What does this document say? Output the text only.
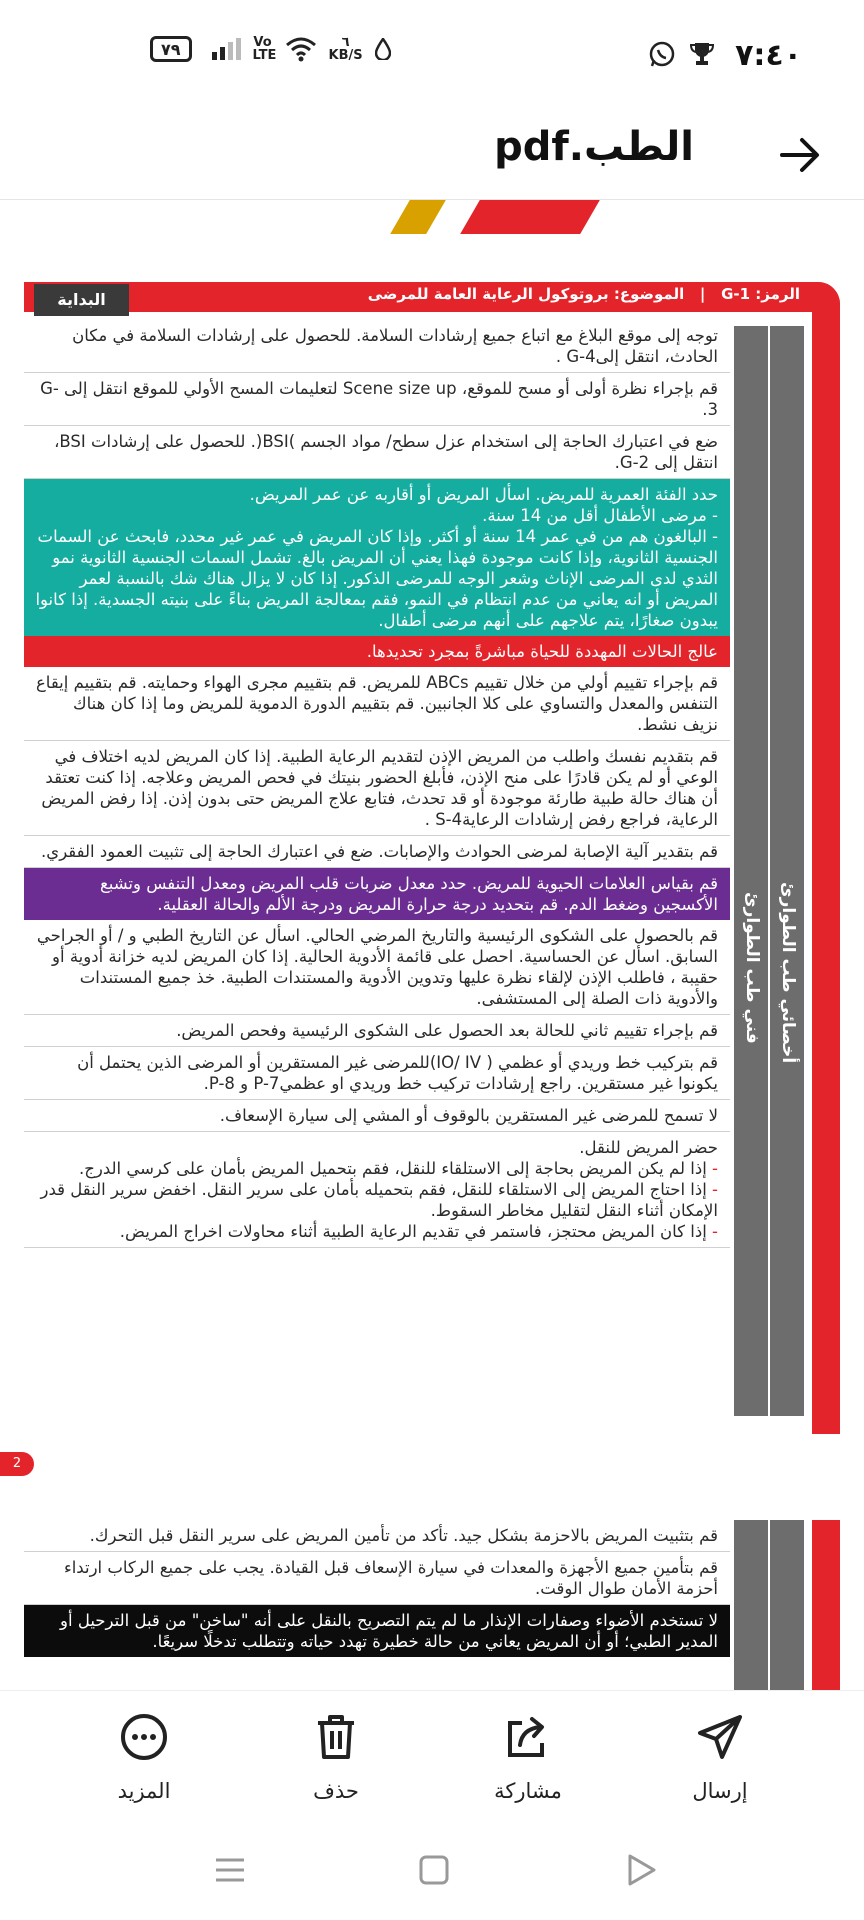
٧٩	Vo LTE
٦
KB/S	٧:٤٠
الطب.pdf
الرمز: G-1   |   الموضوع: بروتوكول الرعاية العامة للمرضى
البداية
أخصائي طب الطوارئ
فني طب الطوارئ
توجه إلى موقع البلاغ مع اتباع جميع إرشادات السلامة. للحصول على إرشادات السلامة في مكان الحادث، انتقل إلىG-4 .
قم بإجراء نظرة أولى أو مسح للموقع، Scene size up لتعليمات المسح الأولي للموقع انتقل إلى G-3.
ضع في اعتبارك الحاجة إلى استخدام عزل سطح/ مواد الجسم )BSI(. للحصول على إرشادات BSI، انتقل إلى G-2.
حدد الفئة العمرية للمريض. اسأل المريض أو أقاربه عن عمر المريض.
- مرضى الأطفال أقل من 14 سنة.
- البالغون هم من في عمر 14 سنة أو أكثر. وإذا كان المريض في عمر غير محدد، فابحث عن السمات الجنسية الثانوية، وإذا كانت موجودة فهذا يعني أن المريض بالغ. تشمل السمات الجنسية الثانوية نمو الثدي لدى المرضى الإناث وشعر الوجه للمرضى الذكور. إذا كان لا يزال هناك شك بالنسبة لعمر المريض أو انه يعاني من عدم انتظام في النمو، فقم بمعالجة المريض بناءً على بنيته الجسدية. إذا كانوا يبدون صغارًا، يتم علاجهم على أنهم مرضى أطفال.
عالج الحالات المهددة للحياة مباشرةً بمجرد تحديدها.
قم بإجراء تقييم أولي من خلال تقييم ABCs للمريض. قم بتقييم مجرى الهواء وحمايته. قم بتقييم إيقاع التنفس والمعدل والتساوي على كلا الجانبين. قم بتقييم الدورة الدموية للمريض وما إذا كان هناك نزيف نشط.
قم بتقديم نفسك واطلب من المريض الإذن لتقديم الرعاية الطبية. إذا كان المريض لديه اختلاف في الوعي أو لم يكن قادرًا على منح الإذن، فأبلغ الحضور بنيتك في فحص المريض وعلاجه. إذا كنت تعتقد أن هناك حالة طبية طارئة موجودة أو قد تحدث، فتابع علاج المريض حتى بدون إذن. إذا رفض المريض الرعاية، فراجع رفض إرشادات الرعايةS-4 .
قم بتقدير آلية الإصابة لمرضى الحوادث والإصابات. ضع في اعتبارك الحاجة إلى تثبيت العمود الفقري.
قم بقياس العلامات الحيوية للمريض. حدد معدل ضربات قلب المريض ومعدل التنفس وتشبع الأكسجين وضغط الدم. قم بتحديد درجة حرارة المريض ودرجة الألم والحالة العقلية.
قم بالحصول على الشكوى الرئيسية والتاريخ المرضي الحالي. اسأل عن التاريخ الطبي و / أو الجراحي السابق. اسأل عن الحساسية. احصل على قائمة الأدوية الحالية. إذا كان المريض لديه خزانة أدوية أو حقيبة ، فاطلب الإذن لإلقاء نظرة عليها وتدوين الأدوية والمستندات الطبية. خذ جميع المستندات والأدوية ذات الصلة إلى المستشفى.
قم بإجراء تقييم ثاني للحالة بعد الحصول على الشكوى الرئيسية وفحص المريض.
قم بتركيب خط وريدي أو عظمي ( IO/ IV)للمرضى غير المستقرين أو المرضى الذين يحتمل أن يكونوا غير مستقرين. راجع إرشادات تركيب خط وريدي او عظميP-7 و P-8.
لا تسمح للمرضى غير المستقرين بالوقوف أو المشي إلى سيارة الإسعاف.
حضر المريض للنقل.
- إذا لم يكن المريض بحاجة إلى الاستلقاء للنقل، فقم بتحميل المريض بأمان على كرسي الدرج.
- إذا احتاج المريض إلى الاستلقاء للنقل، فقم بتحميله بأمان على سرير النقل. اخفض سرير النقل قدر الإمكان أثناء النقل لتقليل مخاطر السقوط.
- إذا كان المريض محتجز، فاستمر في تقديم الرعاية الطبية أثناء محاولات اخراج المريض.
2
قم بتثبيت المريض بالاحزمة بشكل جيد. تأكد من تأمين المريض على سرير النقل قبل التحرك.
قم بتأمين جميع الأجهزة والمعدات في سيارة الإسعاف قبل القيادة. يجب على جميع الركاب ارتداء أحزمة الأمان طوال الوقت.
لا تستخدم الأضواء وصفارات الإنذار ما لم يتم التصريح بالنقل على أنه "ساخن" من قبل الترحيل أو المدير الطبي؛ أو أن المريض يعاني من حالة خطيرة تهدد حياته وتتطلب تدخلًا سريعًا.
إرسال
مشاركة
حذف
المزيد
